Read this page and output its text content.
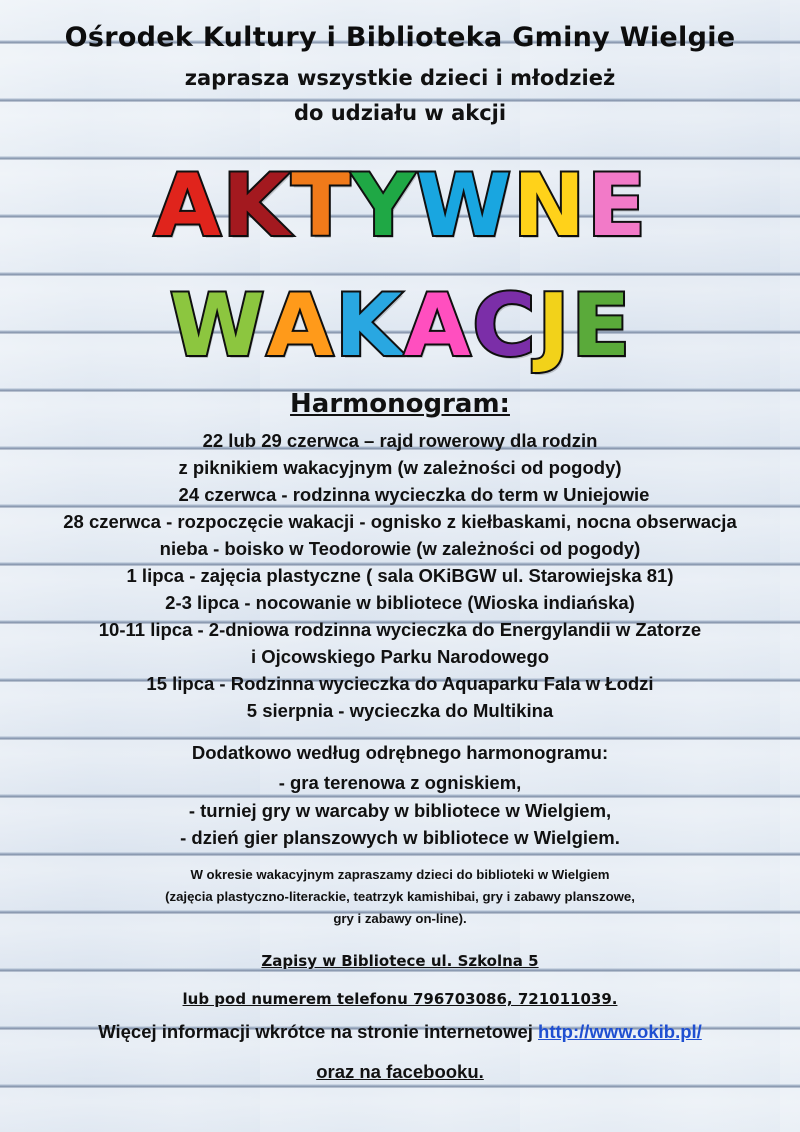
Ośrodek Kultury i Biblioteka Gminy Wielgie
zaprasza wszystkie dzieci i młodzież
do udziału w akcji
A K T Y W N E
W A K A C J E
Harmonogram:
22 lub 29 czerwca – rajd rowerowy dla rodzin
z piknikiem wakacyjnym (w zależności od pogody)
24 czerwca - rodzinna wycieczka do term w Uniejowie
28 czerwca - rozpoczęcie wakacji - ognisko z kiełbaskami, nocna obserwacja
nieba - boisko w Teodorowie (w zależności od pogody)
1 lipca - zajęcia plastyczne ( sala OKiBGW ul. Starowiejska 81)
2-3 lipca - nocowanie w bibliotece (Wioska indiańska)
10-11 lipca - 2-dniowa rodzinna wycieczka do Energylandii w Zatorze
i Ojcowskiego Parku Narodowego
15 lipca - Rodzinna wycieczka do Aquaparku Fala w Łodzi
5 sierpnia - wycieczka do Multikina
Dodatkowo według odrębnego harmonogramu:
- gra terenowa z ogniskiem,
- turniej gry w warcaby w bibliotece w Wielgiem,
- dzień gier planszowych w bibliotece w Wielgiem.

W okresie wakacyjnym zapraszamy dzieci do biblioteki w Wielgiem

(zajęcia plastyczno-literackie, teatrzyk kamishibai, gry i zabawy planszowe,

gry i zabawy on-line).

Zapisy w Bibliotece ul. Szkolna 5
lub pod numerem telefonu 796703086, 721011039.
Więcej informacji wkrótce na stronie internetowej http://www.okib.pl/
oraz na facebooku.
